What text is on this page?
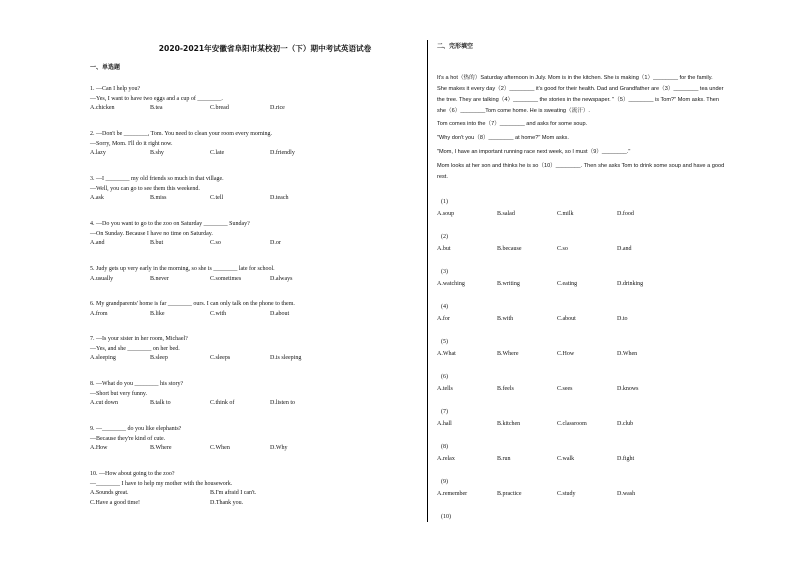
2020-2021年安徽省阜阳市某校初一（下）期中考试英语试卷
一、单选题
1. —Can I help you?
—Yes, I want to have two eggs and a cup of ________.
A.chicken	B.tea	C.bread	D.rice
2. —Don't be ________, Tom. You need to clean your room every morning.
—Sorry, Mom. I'll do it right now.
A.lazy	B.shy	C.late	D.friendly
3. —I ________ my old friends so much in that village.
—Well, you can go to see them this weekend.
A.ask	B.miss	C.tell	D.teach
4. —Do you want to go to the zoo on Saturday ________ Sunday?
—On Sunday. Because I have no time on Saturday.
A.and	B.but	C.so	D.or
5. Judy gets up very early in the morning, so she is ________ late for school.
A.usually	B.never	C.sometimes	D.always
6. My grandparents' home is far ________ ours. I can only talk on the phone to them.
A.from	B.like	C.with	D.about
7. —Is your sister in her room, Michael?
—Yes, and she ________ on her bed.
A.sleeping	B.sleep	C.sleeps	D.is sleeping
8. —What do you ________ his story?
—Short but very funny.
A.cut down	B.talk to	C.think of	D.listen to
9. —________ do you like elephants?
—Because they're kind of cute.
A.How	B.Where	C.When	D.Why
10. —How about going to the zoo?
—________ I have to help my mother with the housework.
A.Sounds great.	B.I'm afraid I can't.
C.Have a good time!	D.Thank you.
二、完形填空
It's a hot（热的）Saturday afternoon in July. Mom is in the kitchen. She is making（1）________ for the family.
She makes it every day（2）________ it's good for their health. Dad and Grandfather are（3）________ tea under
the tree. They are talking（4）________ the stories in the newspaper. "（5）________ is Tom?" Mom asks. Then
she（6）________Tom come home. He is sweating（流汗）.
Tom comes into the（7）________ and asks for some soup.
"Why don't you（8）________ at home?" Mom asks.
"Mom, I have an important running race next week, so I must（9）________."
Mom looks at her son and thinks he is so（10）________. Then she asks Tom to drink some soup and have a good
rest.
(1)
A.soup	B.salad	C.milk	D.food
(2)
A.but	B.because	C.so	D.and
(3)
A.watching	B.writing	C.eating	D.drinking
(4)
A.for	B.with	C.about	D.to
(5)
A.What	B.Where	C.How	D.When
(6)
A.tells	B.feels	C.sees	D.knows
(7)
A.hall	B.kitchen	C.classroom	D.club
(8)
A.relax	B.run	C.walk	D.fight
(9)
A.remember	B.practice	C.study	D.wash
(10)
